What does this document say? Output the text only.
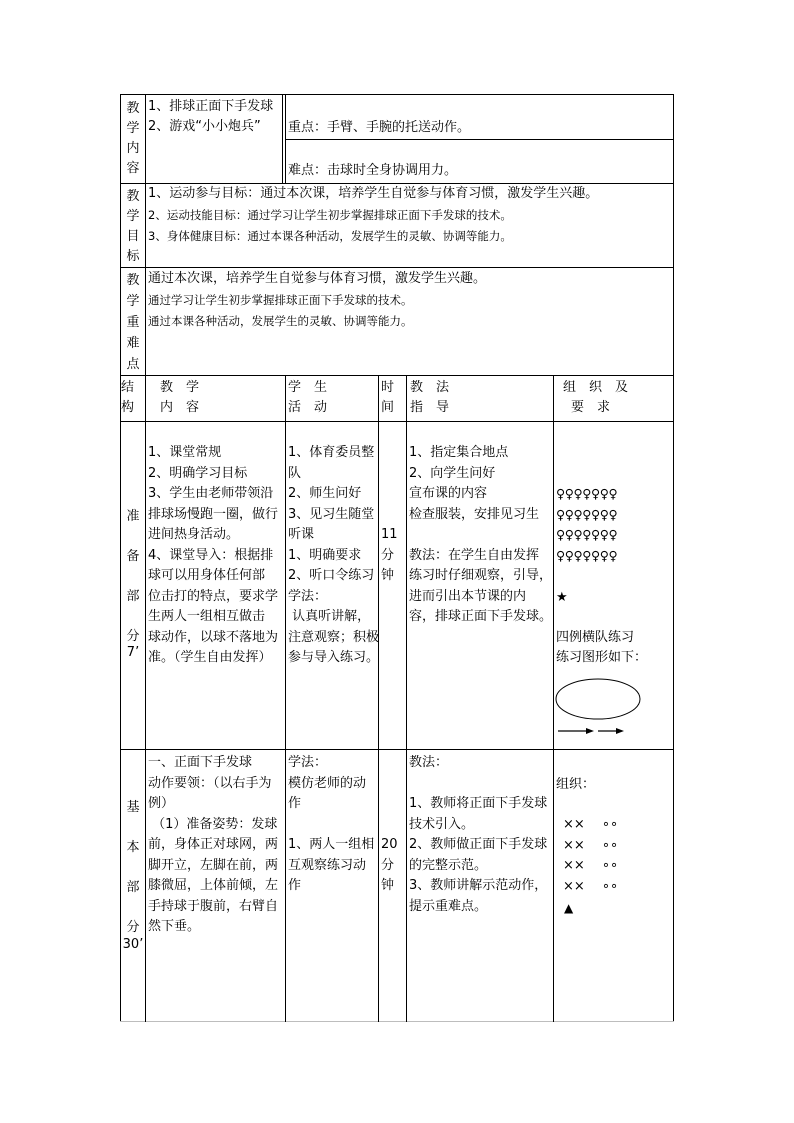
教
学
内
容
1、排球正面下手发球
2、游戏“小小炮兵” 重点：手臂、手腕的托送动作。
难点：击球时全身协调用力。
教
学
目
标
1、运动参与目标：通过本次课，培养学生自觉参与体育习惯，激发学生兴趣。
2、运动技能目标：通过学习让学生初步掌握排球正面下手发球的技术。
3、身体健康目标：通过本课各种活动，发展学生的灵敏、协调等能力。
教
学
重
难
点
通过本次课，培养学生自觉参与体育习惯，激发学生兴趣。
通过学习让学生初步掌握排球正面下手发球的技术。
通过本课各种活动，发展学生的灵敏、协调等能力。
结
构
教　学
内　容
学　生
活　动
时
间
教　法
指　导
组　织　及
要　求
准
备
部
分
7’
1、课堂常规
2、明确学习目标
3、学生由老师带领沿
排球场慢跑一圈，做行
进间热身活动。
4、课堂导入：根据排
球可以用身体任何部
位击打的特点，要求学
生两人一组相互做击
球动作，以球不落地为
准。（学生自由发挥）
1、体育委员整
队
2、师生问好
3、见习生随堂
听课
1、明确要求
2、听口令练习
学法：
认真听讲解，
注意观察；积极
参与导入练习。
11
分
钟
1、指定集合地点
2、向学生问好
宣布课的内容
检查服装，安排见习生
教法：在学生自由发挥
练习时仔细观察，引导，
进而引出本节课的内
容，排球正面下手发球。
♀♀♀♀♀♀♀
♀♀♀♀♀♀♀
♀♀♀♀♀♀♀
♀♀♀♀♀♀♀
★
四例横队练习
练习图形如下：
基
本
部
分
30’
一、正面下手发球
动作要领：（以右手为
例）
（1）准备姿势：发球
前，身体正对球网，两
脚开立，左脚在前，两
膝微屈，上体前倾，左
手持球于腹前，右臂自
然下垂。
学法：
模仿老师的动
作
1、两人一组相
互观察练习动
作
20
分
钟
教法：
1、教师将正面下手发球
技术引入。
2、教师做正面下手发球
的完整示范。
3、教师讲解示范动作，
提示重难点。
组织：
×× 　∘∘
×× 　∘∘
×× 　∘∘
×× 　∘∘
▲
